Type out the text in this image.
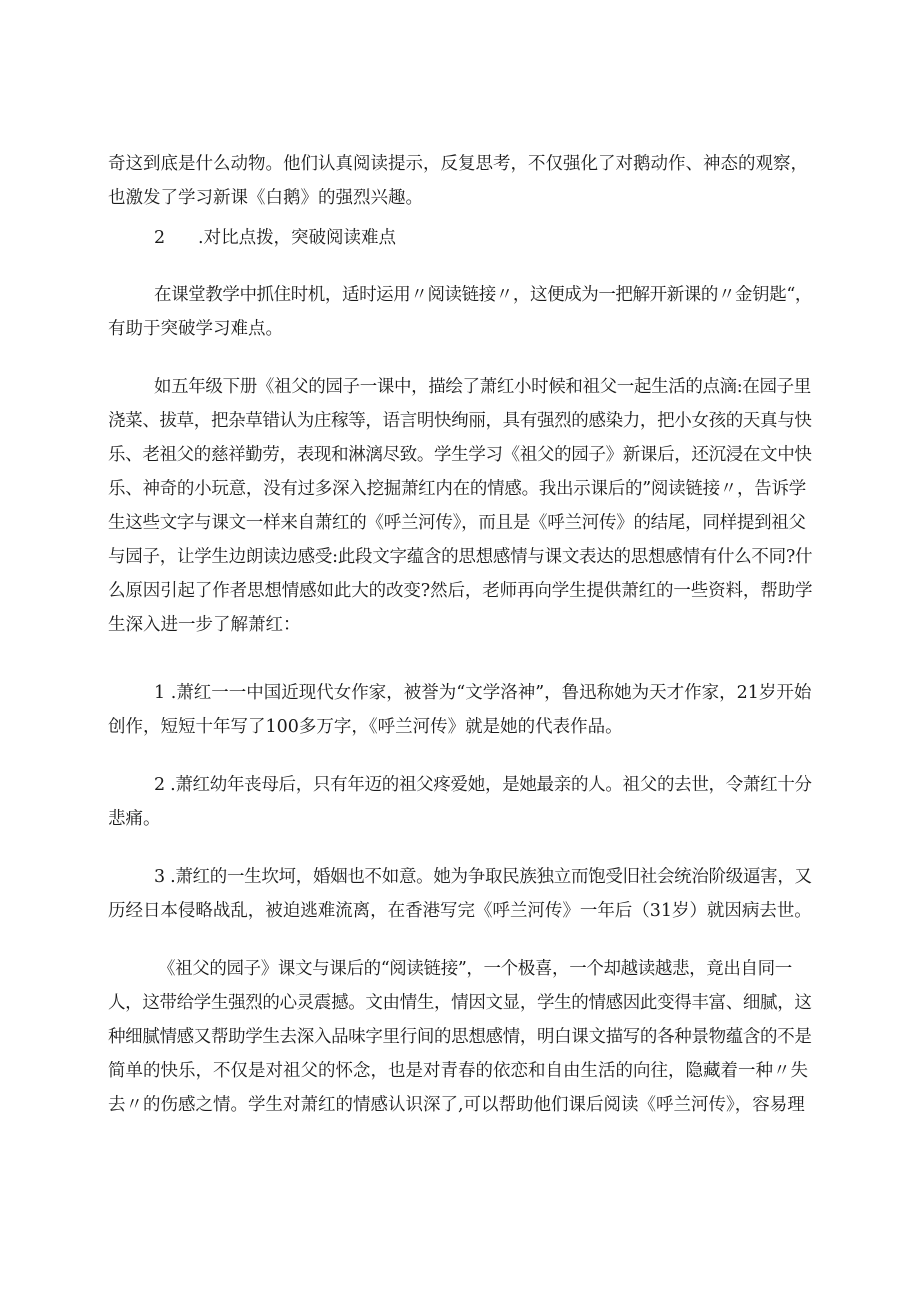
奇这到底是什么动物。他们认真阅读提示，反复思考，不仅强化了对鹅动作、神态的观察，
也激发了学习新课《白鹅》的强烈兴趣。
2 .对比点拨，突破阅读难点
在课堂教学中抓住时机，适时运用〃阅读链接〃，这便成为一把解开新课的〃金钥匙“，
有助于突破学习难点。
如五年级下册《祖父的园子一课中，描绘了萧红小时候和祖父一起生活的点滴:在园子里
浇菜、拔草，把杂草错认为庄稼等，语言明快绚丽，具有强烈的感染力，把小女孩的天真与快
乐、老祖父的慈祥勤劳，表现和淋漓尽致。学生学习《祖父的园子》新课后，还沉浸在文中快
乐、神奇的小玩意，没有过多深入挖掘萧红内在的情感。我出示课后的”阅读链接〃，告诉学
生这些文字与课文一样来自萧红的《呼兰河传》，而且是《呼兰河传》的结尾，同样提到祖父
与园子，让学生边朗读边感受:此段文字蕴含的思想感情与课文表达的思想感情有什么不同?什
么原因引起了作者思想情感如此大的改变?然后，老师再向学生提供萧红的一些资料，帮助学
生深入进一步了解萧红：
1 .萧红一一中国近现代女作家，被誉为“文学洛神”，鲁迅称她为天才作家，21岁开始
创作，短短十年写了100多万字，《呼兰河传》就是她的代表作品。
2 .萧红幼年丧母后，只有年迈的祖父疼爱她，是她最亲的人。祖父的去世，令萧红十分
悲痛。
3 .萧红的一生坎坷，婚姻也不如意。她为争取民族独立而饱受旧社会统治阶级逼害，又
历经日本侵略战乱，被迫逃难流离，在香港写完《呼兰河传》一年后（31岁）就因病去世。
《祖父的园子》课文与课后的“阅读链接”，一个极喜，一个却越读越悲，竟出自同一
人，这带给学生强烈的心灵震撼。文由情生，情因文显，学生的情感因此变得丰富、细腻，这
种细腻情感又帮助学生去深入品味字里行间的思想感情，明白课文描写的各种景物蕴含的不是
简单的快乐，不仅是对祖父的怀念，也是对青春的依恋和自由生活的向往，隐藏着一种〃失
去〃的伤感之情。学生对萧红的情感认识深了,可以帮助他们课后阅读《呼兰河传》，容易理
